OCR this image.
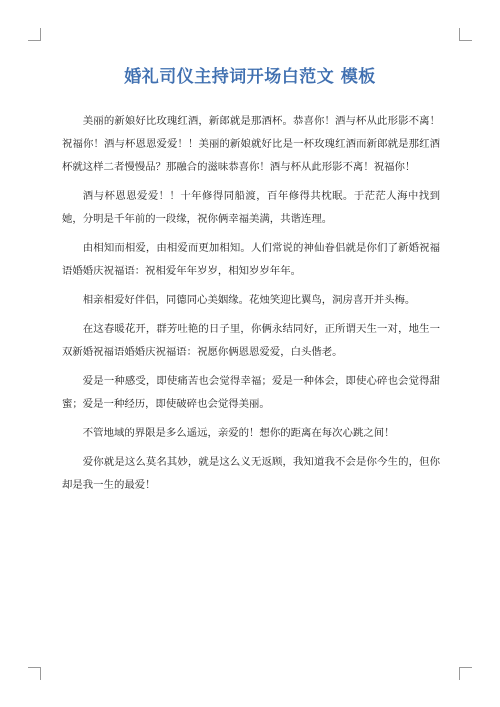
婚礼司仪主持词开场白范文 模板

美丽的新娘好比玫瑰红酒，新郎就是那酒杯。恭喜你！酒与杯从此形影不离！祝福你！酒与杯恩恩爱爱！！美丽的新娘就好比是一杯玫瑰红酒而新郎就是那红酒杯就这样二者慢慢品？那融合的滋味恭喜你！酒与杯从此形影不离！祝福你！

酒与杯恩恩爱爱！！十年修得同船渡，百年修得共枕眠。于茫茫人海中找到她，分明是千年前的一段缘，祝你俩幸福美满，共谐连理。

由相知而相爱，由相爱而更加相知。人们常说的神仙眷侣就是你们了新婚祝福语婚婚庆祝福语：祝相爱年年岁岁，相知岁岁年年。

相亲相爱好伴侣，同德同心美姻缘。花烛笑迎比翼鸟，洞房喜开并头梅。

在这春暖花开，群芳吐艳的日子里，你俩永结同好，正所谓天生一对，地生一双新婚祝福语婚婚庆祝福语：祝愿你俩恩恩爱爱，白头偕老。

爱是一种感受，即使痛苦也会觉得幸福；爱是一种体会，即使心碎也会觉得甜蜜；爱是一种经历，即使破碎也会觉得美丽。

不管地域的界限是多么遥远，亲爱的！想你的距离在每次心跳之间！

爱你就是这么莫名其妙，就是这么义无返顾，我知道我不会是你今生的，但你却是我一生的最爱！
